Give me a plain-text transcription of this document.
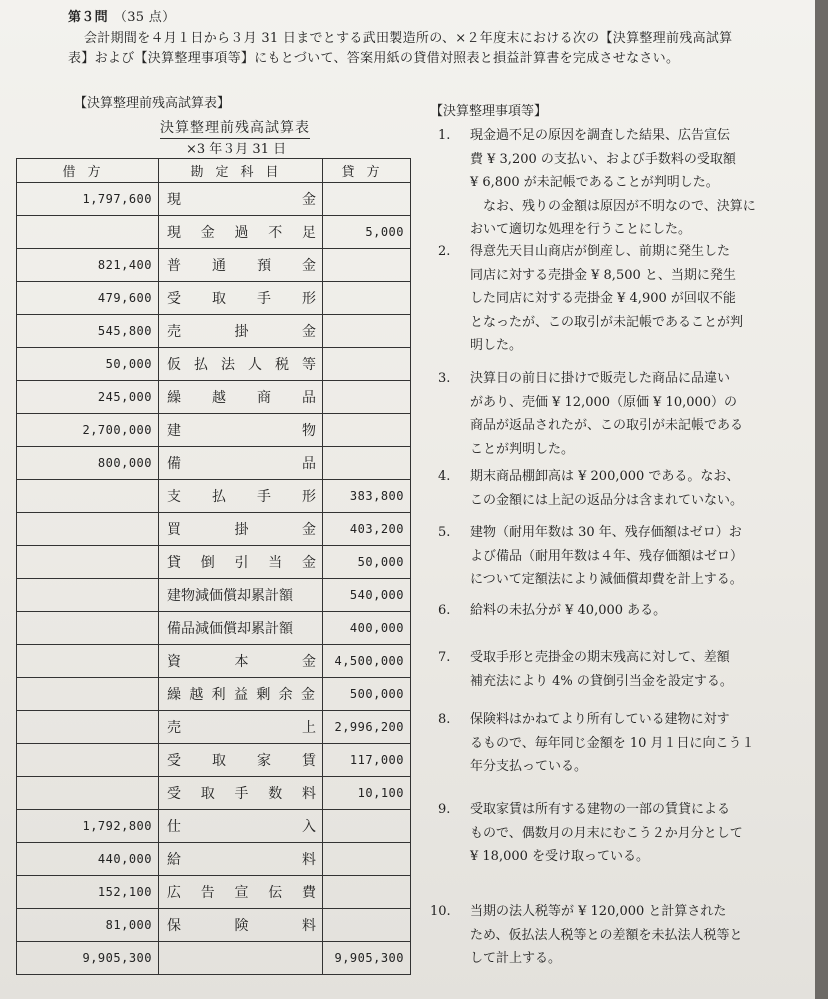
第３問 （35 点）
会計期間を４月１日から３月 31 日までとする武田製造所の、×２年度末における次の【決算整理前残高試算
表】および【決算整理事項等】にもとづいて、答案用紙の貸借対照表と損益計算書を完成させなさい。
【決算整理前残高試算表】
【決算整理事項等】
決算整理前残高試算表
×3 年３月 31 日
借方	勘定科目	貸方
1,797,600	現金	
	現金過不足	5,000
821,400	普通預金	
479,600	受取手形	
545,800	売掛金	
50,000	仮払法人税等	
245,000	繰越商品	
2,700,000	建物	
800,000	備品	
	支払手形	383,800
	買掛金	403,200
	貸倒引当金	50,000
	建物減価償却累計額	540,000
	備品減価償却累計額	400,000
	資本金	4,500,000
	繰越利益剰余金	500,000
	売上	2,996,200
	受取家賃	117,000
	受取手数料	10,100
1,792,800	仕入	
440,000	給料	
152,100	広告宣伝費	
81,000	保険料	
9,905,300		9,905,300
1. 現金過不足の原因を調査した結果、広告宣伝
費 ¥ 3,200 の支払い、および手数料の受取額
¥ 6,800 が未記帳であることが判明した。
　なお、残りの金額は原因が不明なので、決算に
おいて適切な処理を行うことにした。
2. 得意先天目山商店が倒産し、前期に発生した
同店に対する売掛金 ¥ 8,500 と、当期に発生
した同店に対する売掛金 ¥ 4,900 が回収不能
となったが、この取引が未記帳であることが判
明した。
3. 決算日の前日に掛けで販売した商品に品違い
があり、売価 ¥ 12,000（原価 ¥ 10,000）の
商品が返品されたが、この取引が未記帳である
ことが判明した。
4. 期末商品棚卸高は ¥ 200,000 である。なお、
この金額には上記の返品分は含まれていない。
5. 建物（耐用年数は 30 年、残存価額はゼロ）お
よび備品（耐用年数は４年、残存価額はゼロ）
について定額法により減価償却費を計上する。
6. 給料の未払分が ¥ 40,000 ある。
7. 受取手形と売掛金の期末残高に対して、差額
補充法により 4% の貸倒引当金を設定する。
8. 保険料はかねてより所有している建物に対す
るもので、毎年同じ金額を 10 月１日に向こう１
年分支払っている。
9. 受取家賃は所有する建物の一部の賃貸による
もので、偶数月の月末にむこう２か月分として
¥ 18,000 を受け取っている。
10. 当期の法人税等が ¥ 120,000 と計算された
ため、仮払法人税等との差額を未払法人税等と
して計上する。
